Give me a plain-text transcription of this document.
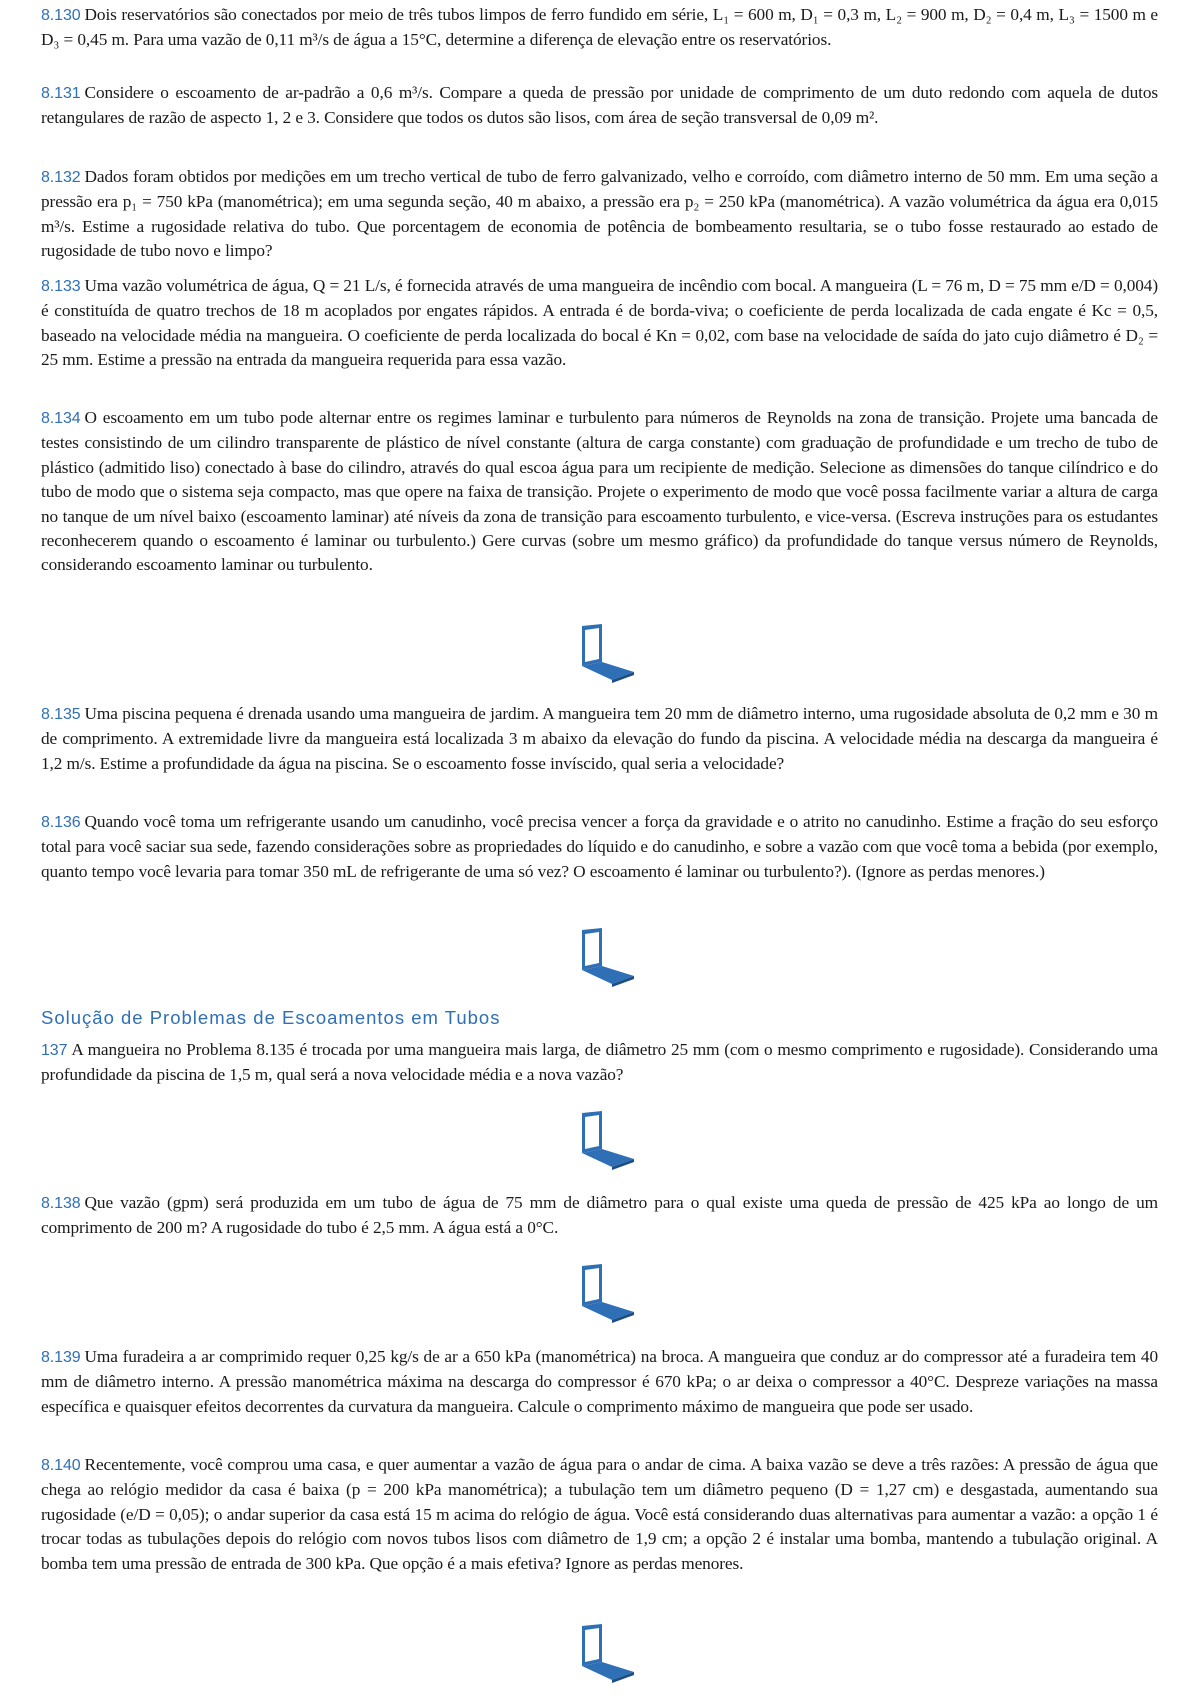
8.130 Dois reservatórios são conectados por meio de três tubos limpos de ferro fundido em série, L₁ = 600 m, D₁ = 0,3 m, L₂ = 900 m, D₂ = 0,4 m, L₃ = 1500 m e D₃ = 0,45 m. Para uma vazão de 0,11 m³/s de água a 15°C, determine a diferença de elevação entre os reservatórios.
8.131 Considere o escoamento de ar-padrão a 0,6 m³/s. Compare a queda de pressão por unidade de comprimento de um duto redondo com aquela de dutos retangulares de razão de aspecto 1, 2 e 3. Considere que todos os dutos são lisos, com área de seção transversal de 0,09 m².
8.132 Dados foram obtidos por medições em um trecho vertical de tubo de ferro galvanizado, velho e corroído, com diâmetro interno de 50 mm. Em uma seção a pressão era p₁ = 750 kPa (manométrica); em uma segunda seção, 40 m abaixo, a pressão era p₂ = 250 kPa (manométrica). A vazão volumétrica da água era 0,015 m³/s. Estime a rugosidade relativa do tubo. Que porcentagem de economia de potência de bombeamento resultaria, se o tubo fosse restaurado ao estado de rugosidade de tubo novo e limpo?
8.133 Uma vazão volumétrica de água, Q = 21 L/s, é fornecida através de uma mangueira de incêndio com bocal. A mangueira (L = 76 m, D = 75 mm e/D = 0,004) é constituída de quatro trechos de 18 m acoplados por engates rápidos. A entrada é de borda-viva; o coeficiente de perda localizada de cada engate é Kc = 0,5, baseado na velocidade média na mangueira. O coeficiente de perda localizada do bocal é Kn = 0,02, com base na velocidade de saída do jato cujo diâmetro é D₂ = 25 mm. Estime a pressão na entrada da mangueira requerida para essa vazão.
8.134 O escoamento em um tubo pode alternar entre os regimes laminar e turbulento para números de Reynolds na zona de transição. Projete uma bancada de testes consistindo de um cilindro transparente de plástico de nível constante (altura de carga constante) com graduação de profundidade e um trecho de tubo de plástico (admitido liso) conectado à base do cilindro, através do qual escoa água para um recipiente de medição. Selecione as dimensões do tanque cilíndrico e do tubo de modo que o sistema seja compacto, mas que opere na faixa de transição. Projete o experimento de modo que você possa facilmente variar a altura de carga no tanque de um nível baixo (escoamento laminar) até níveis da zona de transição para escoamento turbulento, e vice-versa. (Escreva instruções para os estudantes reconhecerem quando o escoamento é laminar ou turbulento.) Gere curvas (sobre um mesmo gráfico) da profundidade do tanque versus número de Reynolds, considerando escoamento laminar ou turbulento.
8.135 Uma piscina pequena é drenada usando uma mangueira de jardim. A mangueira tem 20 mm de diâmetro interno, uma rugosidade absoluta de 0,2 mm e 30 m de comprimento. A extremidade livre da mangueira está localizada 3 m abaixo da elevação do fundo da piscina. A velocidade média na descarga da mangueira é 1,2 m/s. Estime a profundidade da água na piscina. Se o escoamento fosse invíscido, qual seria a velocidade?
8.136 Quando você toma um refrigerante usando um canudinho, você precisa vencer a força da gravidade e o atrito no canudinho. Estime a fração do seu esforço total para você saciar sua sede, fazendo considerações sobre as propriedades do líquido e do canudinho, e sobre a vazão com que você toma a bebida (por exemplo, quanto tempo você levaria para tomar 350 mL de refrigerante de uma só vez? O escoamento é laminar ou turbulento?). (Ignore as perdas menores.)
Solução de Problemas de Escoamentos em Tubos
137 A mangueira no Problema 8.135 é trocada por uma mangueira mais larga, de diâmetro 25 mm (com o mesmo comprimento e rugosidade). Considerando uma profundidade da piscina de 1,5 m, qual será a nova velocidade média e a nova vazão?
8.138 Que vazão (gpm) será produzida em um tubo de água de 75 mm de diâmetro para o qual existe uma queda de pressão de 425 kPa ao longo de um comprimento de 200 m? A rugosidade do tubo é 2,5 mm. A água está a 0°C.
8.139 Uma furadeira a ar comprimido requer 0,25 kg/s de ar a 650 kPa (manométrica) na broca. A mangueira que conduz ar do compressor até a furadeira tem 40 mm de diâmetro interno. A pressão manométrica máxima na descarga do compressor é 670 kPa; o ar deixa o compressor a 40°C. Despreze variações na massa específica e quaisquer efeitos decorrentes da curvatura da mangueira. Calcule o comprimento máximo de mangueira que pode ser usado.
8.140 Recentemente, você comprou uma casa, e quer aumentar a vazão de água para o andar de cima. A baixa vazão se deve a três razões: A pressão de água que chega ao relógio medidor da casa é baixa (p = 200 kPa manométrica); a tubulação tem um diâmetro pequeno (D = 1,27 cm) e desgastada, aumentando sua rugosidade (e/D = 0,05); o andar superior da casa está 15 m acima do relógio de água. Você está considerando duas alternativas para aumentar a vazão: a opção 1 é trocar todas as tubulações depois do relógio com novos tubos lisos com diâmetro de 1,9 cm; a opção 2 é instalar uma bomba, mantendo a tubulação original. A bomba tem uma pressão de entrada de 300 kPa. Que opção é a mais efetiva? Ignore as perdas menores.
